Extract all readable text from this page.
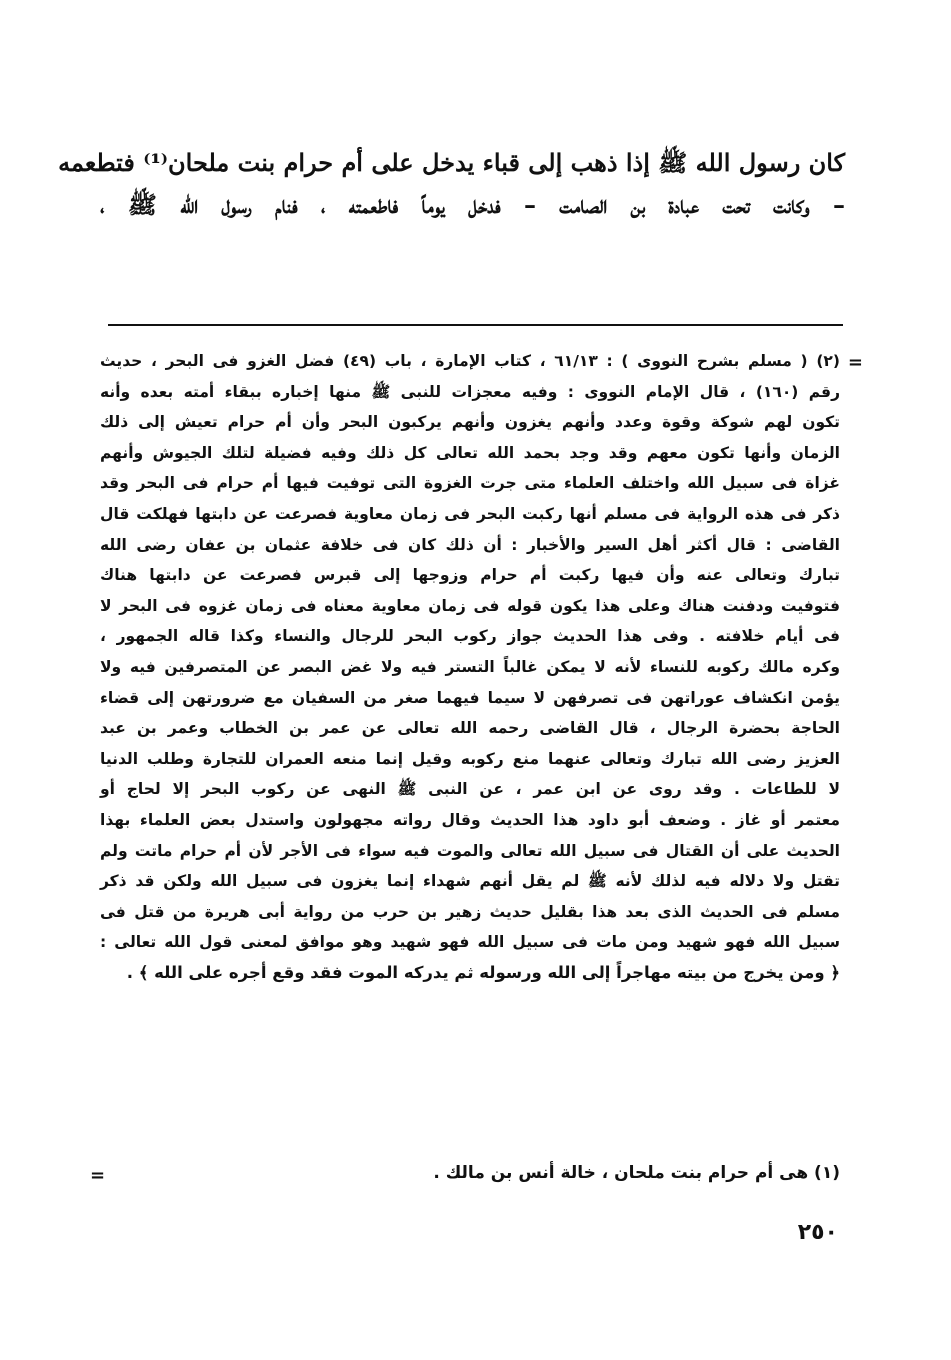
كان رسول الله ﷺ إذا ذهب إلى قباء يدخل على أم حرام بنت ملحان⁽¹⁾ فتطعمه
– وكانت تحت عبادة بن الصامت – فدخل يوماً فاطعمته ، فنام رسول الله ﷺ ،
=
(٢) ( مسلم بشرح النووى ) : ٦١/١٣ ، كتاب الإمارة ، باب (٤٩) فضل الغزو فى البحر ، حديث
رقم (١٦٠) ، قال الإمام النووى : وفيه معجزات للنبى ﷺ منها إخباره ببقاء أمته بعده وأنه
تكون لهم شوكة وقوة وعدد وأنهم يغزون وأنهم يركبون البحر وأن أم حرام تعيش إلى ذلك
الزمان وأنها تكون معهم وقد وجد بحمد الله تعالى كل ذلك وفيه فضيلة لتلك الجيوش وأنهم
غزاة فى سبيل الله واختلف العلماء متى جرت الغزوة التى توفيت فيها أم حرام فى البحر وقد
ذكر فى هذه الرواية فى مسلم أنها ركبت البحر فى زمان معاوية فصرعت عن دابتها فهلكت قال
القاضى : قال أكثر أهل السير والأخبار : أن ذلك كان فى خلافة عثمان بن عفان رضى الله
تبارك وتعالى عنه وأن فيها ركبت أم حرام وزوجها إلى قبرس فصرعت عن دابتها هناك
فتوفيت ودفنت هناك وعلى هذا يكون قوله فى زمان معاوية معناه فى زمان غزوه فى البحر لا
فى أيام خلافته . وفى هذا الحديث جواز ركوب البحر للرجال والنساء وكذا قاله الجمهور ،
وكره مالك ركوبه للنساء لأنه لا يمكن غالباً التستر فيه ولا غض البصر عن المتصرفين فيه ولا
يؤمن انكشاف عوراتهن فى تصرفهن لا سيما فيهما صغر من السفيان مع ضرورتهن إلى قضاء
الحاجة بحضرة الرجال ، قال القاضى رحمه الله تعالى عن عمر بن الخطاب وعمر بن عبد
العزيز رضى الله تبارك وتعالى عنهما منع ركوبه وقيل إنما منعه العمران للتجارة وطلب الدنيا
لا للطاعات . وقد روى عن ابن عمر ، عن النبى ﷺ النهى عن ركوب البحر إلا لحاج أو
معتمر أو غاز . وضعف أبو داود هذا الحديث وقال رواته مجهولون واستدل بعض العلماء بهذا
الحديث على أن القتال فى سبيل الله تعالى والموت فيه سواء فى الأجر لأن أم حرام ماتت ولم
تقتل ولا دلاله فيه لذلك لأنه ﷺ لم يقل أنهم شهداء إنما يغزون فى سبيل الله ولكن قد ذكر
مسلم فى الحديث الذى بعد هذا بقليل حديث زهير بن حرب من رواية أبى هريرة من قتل فى
سبيل الله فهو شهيد ومن مات فى سبيل الله فهو شهيد وهو موافق لمعنى قول الله تعالى :
﴿ ومن يخرج من بيته مهاجراً إلى الله ورسوله ثم يدركه الموت فقد وقع أجره على الله ﴾ .
(١) هى أم حرام بنت ملحان ، خالة أنس بن مالك .
=
٢٥٠
